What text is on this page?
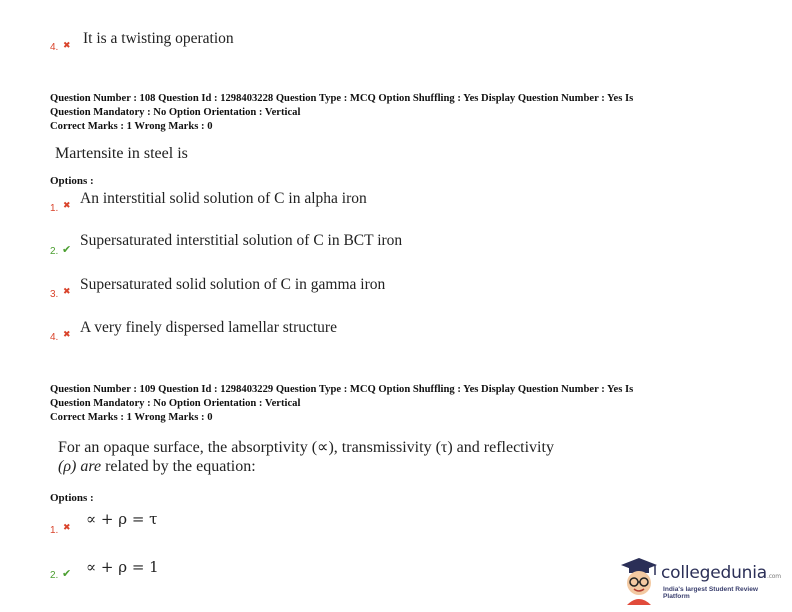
4. ✖ It is a twisting operation
Question Number : 108 Question Id : 1298403228 Question Type : MCQ Option Shuffling : Yes Display Question Number : Yes Is
Question Mandatory : No Option Orientation : Vertical
Correct Marks : 1 Wrong Marks : 0
Martensite in steel is
Options :
1. ✖ An interstitial solid solution of C in alpha iron
2. ✔
Supersaturated interstitial solution of C in BCT iron
3. ✖ Supersaturated solid solution of C in gamma iron
4. ✖ A very finely dispersed lamellar structure
Question Number : 109 Question Id : 1298403229 Question Type : MCQ Option Shuffling : Yes Display Question Number : Yes Is
Question Mandatory : No Option Orientation : Vertical
Correct Marks : 1 Wrong Marks : 0
For an opaque surface, the absorptivity (∝), transmissivity (τ) and reflectivity
(ρ) are related by the equation:
Options :
1. ✖ ∝ + ρ = τ
2. ✔ ∝ + ρ = 1	collegedunia.com
India's largest Student Review Platform
